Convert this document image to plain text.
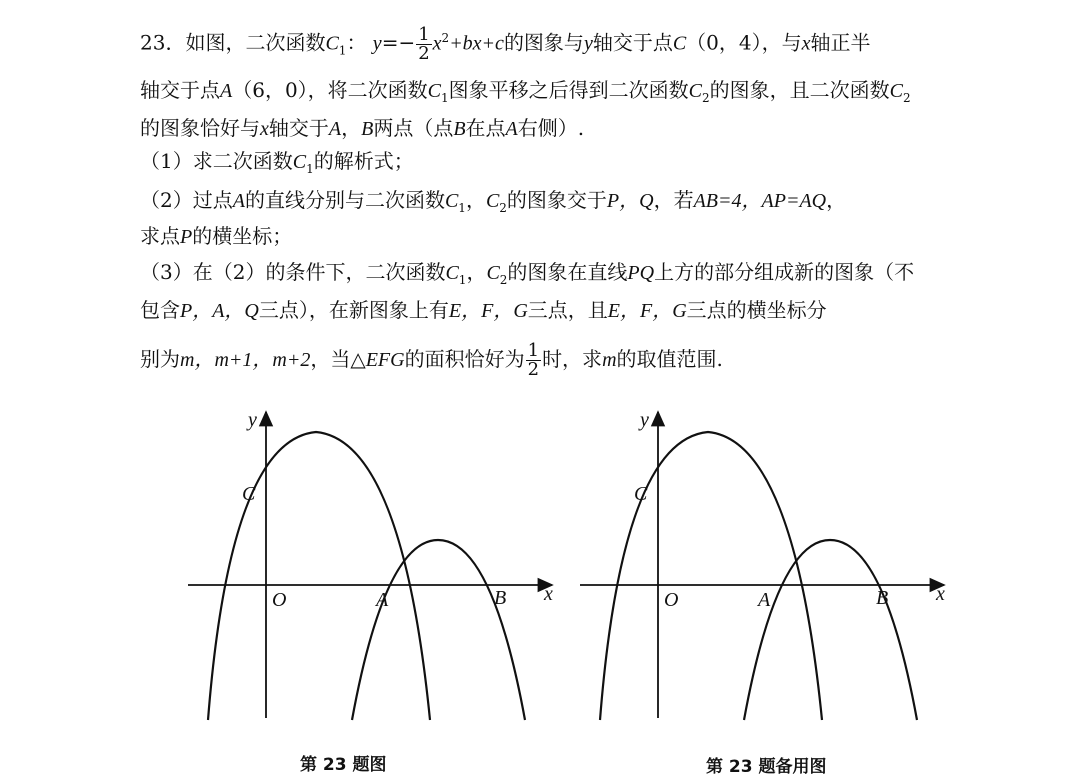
23．如图，二次函数$C_1$： $y=- \frac{1}{2} x^2+bx+c$的图象与y轴交于点C（0，4），与x轴正半
轴交于点A（6，0），将二次函数$C_1$图象平移之后得到二次函数$C_2$的图象，且二次函数$C_2$
的图象恰好与x轴交于A，B两点（点B在点A右侧）.
（1）求二次函数$C_1$的解析式；
（2）过点A的直线分别与二次函数$C_1$，$C_2$的图象交于P，Q，若AB=4，AP=AQ，
求点P的横坐标；
（3）在（2）的条件下，二次函数$C_1$，$C_2$的图象在直线PQ上方的部分组成新的图象（不
包含P，A，Q三点），在新图象上有E，F，G三点，且E，F，G三点的横坐标分
别为m，m+1，m+2，当△EFG的面积恰好为 $\frac{1}{2}$ 时，求m的取值范围.
y
x
C
O	A	B
y
x
C
O	A	B
第 23 题图	第 23 题备用图
